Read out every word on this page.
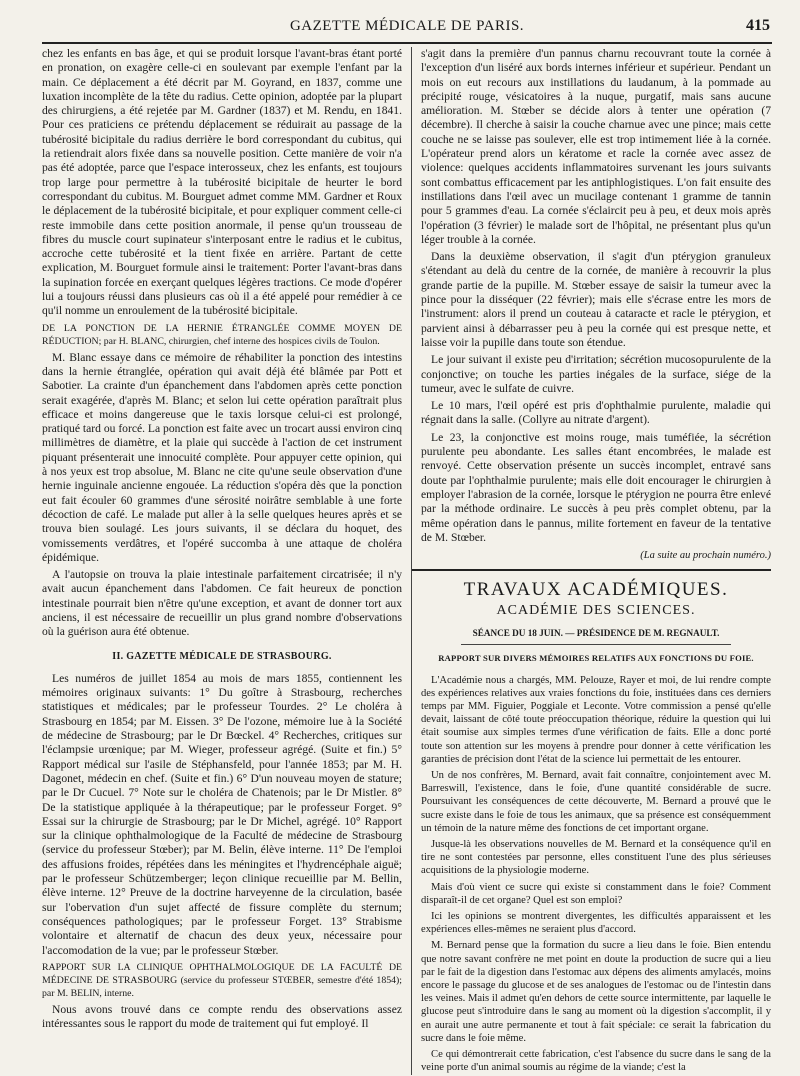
GAZETTE MÉDICALE DE PARIS.	415

chez les enfants en bas âge, et qui se produit lorsque l'avant-bras étant porté en pronation, on exagère celle-ci en soulevant par exemple l'enfant par la main. Ce déplacement a été décrit par M. Goyrand, en 1837, comme une luxation incomplète de la tête du radius. Cette opinion, adoptée par la plupart des chirurgiens, a été rejetée par M. Gardner (1837) et M. Rendu, en 1841. Pour ces praticiens ce prétendu déplacement se réduirait au passage de la tubérosité bicipitale du radius derrière le bord correspondant du cubitus, qui la retiendrait alors fixée dans sa nouvelle position. Cette manière de voir n'a pas été adoptée, parce que l'espace interosseux, chez les enfants, est toujours trop large pour permettre à la tubérosité bicipitale de heurter le bord correspondant du cubitus. M. Bourguet admet comme MM. Gardner et Roux le déplacement de la tubérosité bicipitale, et pour expliquer comment celle-ci reste immobile dans cette position anormale, il pense qu'un trousseau de fibres du muscle court supinateur s'interposant entre le radius et le cubitus, accroche cette tubérosité et la tient fixée en arrière. Partant de cette explication, M. Bourguet formule ainsi le traitement: Porter l'avant-bras dans la supination forcée en exerçant quelques légères tractions. Ce mode d'opérer lui a toujours réussi dans plusieurs cas où il a été appelé pour remédier à ce qu'il nomme un enroulement de la tubérosité bicipitale.

DE LA PONCTION DE LA HERNIE ÉTRANGLÉE COMME MOYEN DE RÉDUCTION; par H. BLANC, chirurgien, chef interne des hospices civils de Toulon.

M. Blanc essaye dans ce mémoire de réhabiliter la ponction des intestins dans la hernie étranglée, opération qui avait déjà été blâmée par Pott et Sabotier. La crainte d'un épanchement dans l'abdomen après cette ponction serait exagérée, d'après M. Blanc; et selon lui cette opération paraîtrait plus efficace et moins dangereuse que le taxis lorsque celui-ci est prolongé, pratiqué tard ou forcé. La ponction est faite avec un trocart aussi environ cinq millimètres de diamètre, et la plaie qui succède à l'action de cet instrument piquant présenterait une innocuité complète. Pour appuyer cette opinion, qui à nos yeux est trop absolue, M. Blanc ne cite qu'une seule observation d'une hernie inguinale ancienne engouée. La réduction s'opéra dès que la ponction eut fait écouler 60 grammes d'une sérosité noirâtre semblable à une forte décoction de café. Le malade put aller à la selle quelques heures après et se trouva bien soulagé. Les jours suivants, il se déclara du hoquet, des vomissements verdâtres, et l'opéré succomba à une attaque de choléra épidémique.

A l'autopsie on trouva la plaie intestinale parfaitement circatrisée; il n'y avait aucun épanchement dans l'abdomen. Ce fait heureux de ponction intestinale pourrait bien n'être qu'une exception, et avant de donner tort aux anciens, il est nécessaire de recueillir un plus grand nombre d'observations où la guérison aura été obtenue.

II. GAZETTE MÉDICALE DE STRASBOURG.

Les numéros de juillet 1854 au mois de mars 1855, contiennent les mémoires originaux suivants: 1° Du goître à Strasbourg, recherches statistiques et médicales; par le professeur Tourdes. 2° Le choléra à Strasbourg en 1854; par M. Eissen. 3° De l'ozone, mémoire lue à la Société de médecine de Strasbourg; par le Dr Bœckel. 4° Recherches, critiques sur l'éclampsie urœnique; par M. Wieger, professeur agrégé. (Suite et fin.) 5° Rapport médical sur l'asile de Stéphansfeld, pour l'année 1853; par M. H. Dagonet, médecin en chef. (Suite et fin.) 6° D'un nouveau moyen de stature; par le Dr Cucuel. 7° Note sur le choléra de Chatenois; par le Dr Mistler. 8° De la statistique appliquée à la thérapeutique; par le professeur Forget. 9° Essai sur la chirurgie de Strasbourg; par le Dr Michel, agrégé. 10° Rapport sur la clinique ophthalmologique de la Faculté de médecine de Strasbourg (service du professeur Stœber); par M. Belin, élève interne. 11° De l'emploi des affusions froides, répétées dans les méningites et l'hydrencéphale aiguë; par le professeur Schützemberger; leçon clinique recueillie par M. Bellin, élève interne. 12° Preuve de la doctrine harveyenne de la circulation, basée sur l'obervation d'un sujet affecté de fissure complète du sternum; conséquences pathologiques; par le professeur Forget. 13° Strabisme volontaire et alternatif de chacun des deux yeux, nécessaire pour l'accomodation de la vue; par le professeur Stœber.

RAPPORT SUR LA CLINIQUE OPHTHALMOLOGIQUE DE LA FACULTÉ DE MÉDECINE DE STRASBOURG (service du professeur STŒBER, semestre d'été 1854); par M. BELIN, interne.

Nous avons trouvé dans ce compte rendu des observations assez intéressantes sous le rapport du mode de traitement qui fut employé. Il

s'agit dans la première d'un pannus charnu recouvrant toute la cornée à l'exception d'un liséré aux bords internes inférieur et supérieur. Pendant un mois on eut recours aux instillations du laudanum, à la pommade au précipité rouge, vésicatoires à la nuque, purgatif, mais sans aucune amélioration. M. Stœber se décide alors à tenter une opération (7 décembre). Il cherche à saisir la couche charnue avec une pince; mais cette couche ne se laisse pas soulever, elle est trop intimement liée à la cornée. L'opérateur prend alors un kératome et racle la cornée avec assez de violence: quelques accidents inflammatoires survenant les jours suivants sont combattus efficacement par les antiphlogistiques. L'on fait ensuite des instillations dans l'œil avec un mucilage contenant 1 gramme de tannin pour 5 grammes d'eau. La cornée s'éclaircit peu à peu, et deux mois après l'opération (3 février) le malade sort de l'hôpital, ne présentant plus qu'un léger trouble à la cornée.

Dans la deuxième observation, il s'agit d'un ptérygion granuleux s'étendant au delà du centre de la cornée, de manière à recouvrir la plus grande partie de la pupille. M. Stœber essaye de saisir la tumeur avec la pince pour la disséquer (22 février); mais elle s'écrase entre les mors de l'instrument: alors il prend un couteau à cataracte et racle le ptérygion, et parvient ainsi à débarrasser peu à peu la cornée qui est presque nette, et laisse voir la pupille dans toute son étendue.

Le jour suivant il existe peu d'irritation; sécrétion mucosopurulente de la conjonctive; on touche les parties inégales de la surface, siége de la tumeur, avec le sulfate de cuivre.

Le 10 mars, l'œil opéré est pris d'ophthalmie purulente, maladie qui régnait dans la salle. (Collyre au nitrate d'argent).

Le 23, la conjonctive est moins rouge, mais tuméfiée, la sécrétion purulente peu abondante. Les salles étant encombrées, le malade est renvoyé. Cette observation présente un succès incomplet, entravé sans doute par l'ophthalmie purulente; mais elle doit encourager le chirurgien à employer l'abrasion de la cornée, lorsque le ptérygion ne pourra être enlevé par la méthode ordinaire. Le succès à peu près complet obtenu, par la même opération dans le pannus, milite fortement en faveur de la tentative de M. Stœber.

(La suite au prochain numéro.)
TRAVAUX ACADÉMIQUES.
ACADÉMIE DES SCIENCES.
SÉANCE DU 18 JUIN. — PRÉSIDENCE DE M. REGNAULT.
RAPPORT SUR DIVERS MÉMOIRES RELATIFS AUX FONCTIONS DU FOIE.

L'Académie nous a chargés, MM. Pelouze, Rayer et moi, de lui rendre compte des expériences relatives aux vraies fonctions du foie, instituées dans ces derniers temps par MM. Figuier, Poggiale et Leconte. Votre commission a pensé qu'elle devait, laissant de côté toute préoccupation théorique, réduire la question qui lui était soumise aux simples termes d'une vérification de faits. Elle a donc porté toute son attention sur les moyens à prendre pour donner à cette vérification les garanties de précision dont l'état de la science lui permettait de les entourer.

Un de nos confrères, M. Bernard, avait fait connaître, conjointement avec M. Barreswill, l'existence, dans le foie, d'une quantité considérable de sucre. Poursuivant les conséquences de cette découverte, M. Bernard a prouvé que le sucre existe dans le foie de tous les animaux, que sa présence est conséquemment un témoin de la nature même des fonctions de cet important organe.

Jusque-là les observations nouvelles de M. Bernard et la conséquence qu'il en tire ne sont contestées par personne, elles constituent l'une des plus sérieuses acquisitions de la physiologie moderne.

Mais d'où vient ce sucre qui existe si constamment dans le foie? Comment disparaît-il de cet organe? Quel est son emploi?

Ici les opinions se montrent divergentes, les difficultés apparaissent et les expériences elles-mêmes ne seraient plus d'accord.

M. Bernard pense que la formation du sucre a lieu dans le foie. Bien entendu que notre savant confrère ne met point en doute la production de sucre qui a lieu par le fait de la digestion dans l'estomac aux dépens des aliments amylacés, moins encore le passage du glucose et de ses analogues de l'estomac ou de l'intestin dans les veines. Mais il admet qu'en dehors de cette source intermittente, par laquelle le glucose peut s'introduire dans le sang au moment où la digestion s'accomplit, il y en aurait une autre permanente et tout à fait spéciale: ce serait la fabrication du sucre dans le foie même.

Ce qui démontrerait cette fabrication, c'est l'absence du sucre dans le sang de la veine porte d'un animal soumis au régime de la viande; c'est la
